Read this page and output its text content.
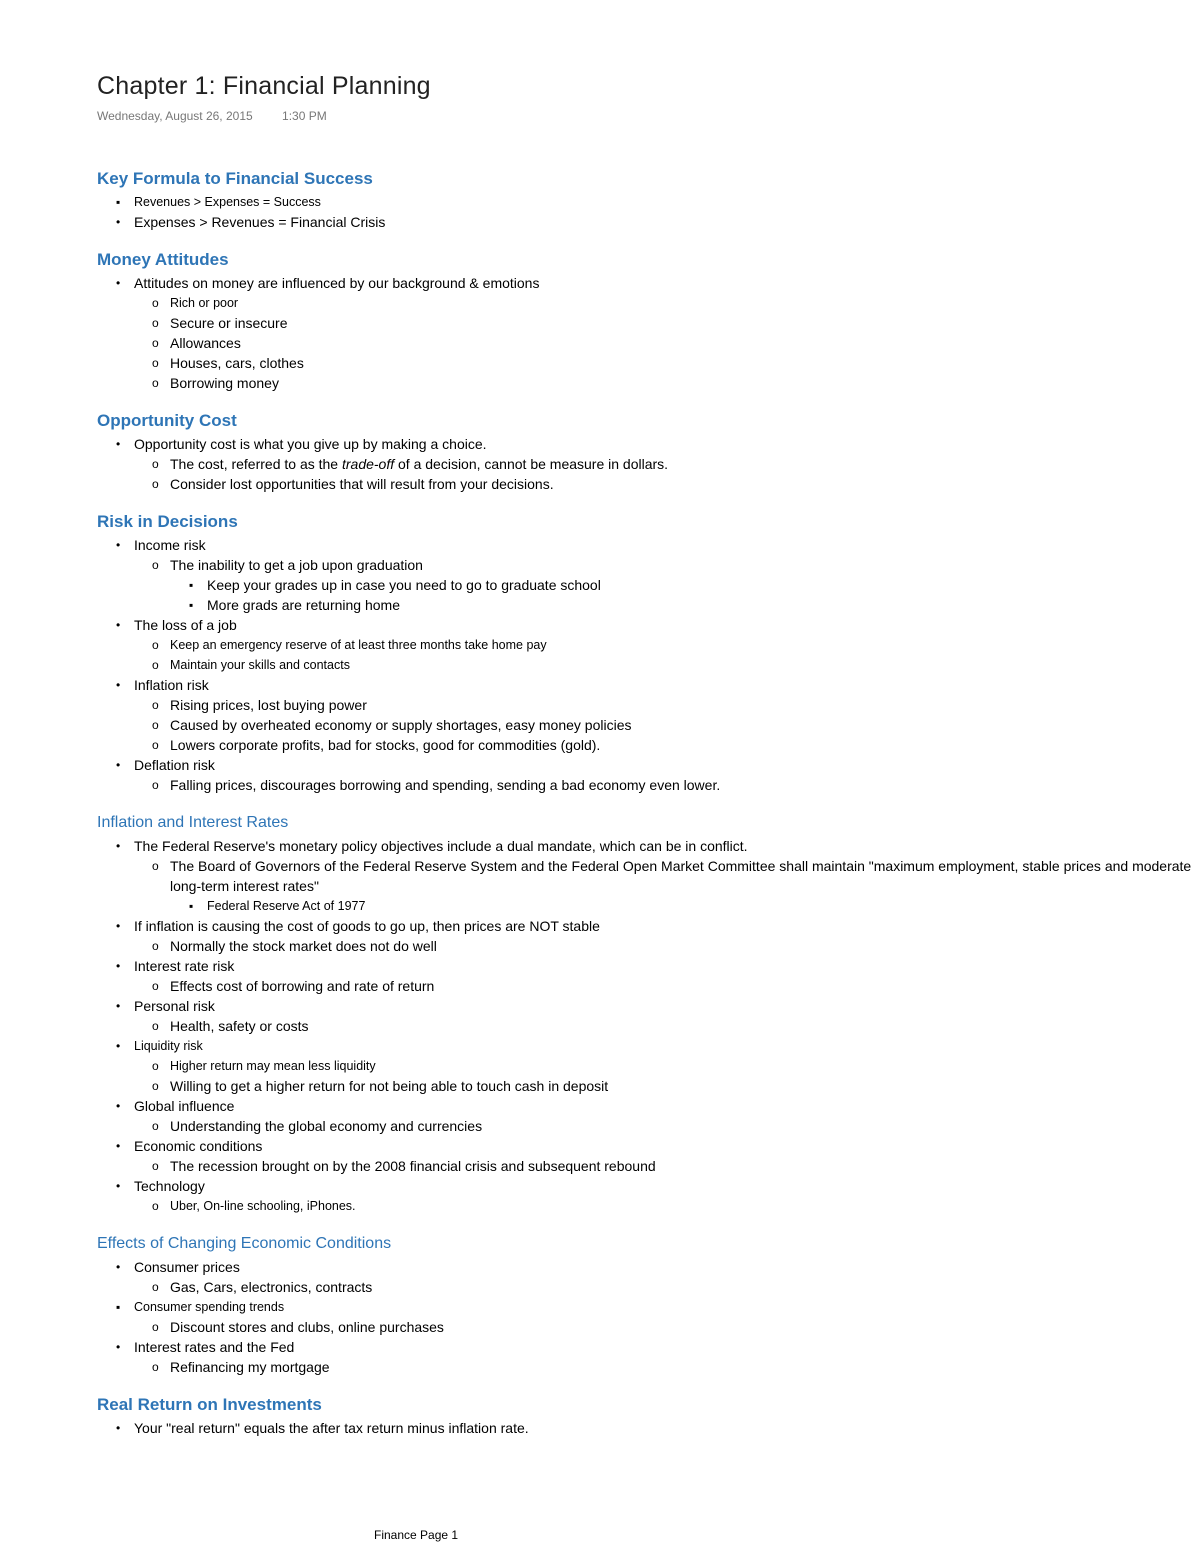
Chapter 1: Financial Planning
Wednesday, August 26, 2015 1:30 PM
Key Formula to Financial Success
▪ Revenues > Expenses = Success
• Expenses > Revenues = Financial Crisis
Money Attitudes
• Attitudes on money are influenced by our background & emotions
o Rich or poor
o Secure or insecure
o Allowances
o Houses, cars, clothes
o Borrowing money
Opportunity Cost
• Opportunity cost is what you give up by making a choice.
o The cost, referred to as the trade-off of a decision, cannot be measure in dollars.
o Consider lost opportunities that will result from your decisions.
Risk in Decisions
• Income risk
o The inability to get a job upon graduation
▪ Keep your grades up in case you need to go to graduate school
▪ More grads are returning home
• The loss of a job
o Keep an emergency reserve of at least three months take home pay
o Maintain your skills and contacts
• Inflation risk
o Rising prices, lost buying power
o Caused by overheated economy or supply shortages, easy money policies
o Lowers corporate profits, bad for stocks, good for commodities (gold).
• Deflation risk
o Falling prices, discourages borrowing and spending, sending a bad economy even lower.
Inflation and Interest Rates
• The Federal Reserve's monetary policy objectives include a dual mandate, which can be in conflict.
o The Board of Governors of the Federal Reserve System and the Federal Open Market Committee shall maintain "maximum employment, stable prices and moderate long-term interest rates"
▪ Federal Reserve Act of 1977
• If inflation is causing the cost of goods to go up, then prices are NOT stable
o Normally the stock market does not do well
• Interest rate risk
o Effects cost of borrowing and rate of return
• Personal risk
o Health, safety or costs
• Liquidity risk
o Higher return may mean less liquidity
o Willing to get a higher return for not being able to touch cash in deposit
• Global influence
o Understanding the global economy and currencies
• Economic conditions
o The recession brought on by the 2008 financial crisis and subsequent rebound
• Technology
o Uber, On-line schooling, iPhones.
Effects of Changing Economic Conditions
• Consumer prices
o Gas, Cars, electronics, contracts
▪ Consumer spending trends
o Discount stores and clubs, online purchases
• Interest rates and the Fed
o Refinancing my mortgage
Real Return on Investments
• Your "real return" equals the after tax return minus inflation rate.
Finance Page 1
